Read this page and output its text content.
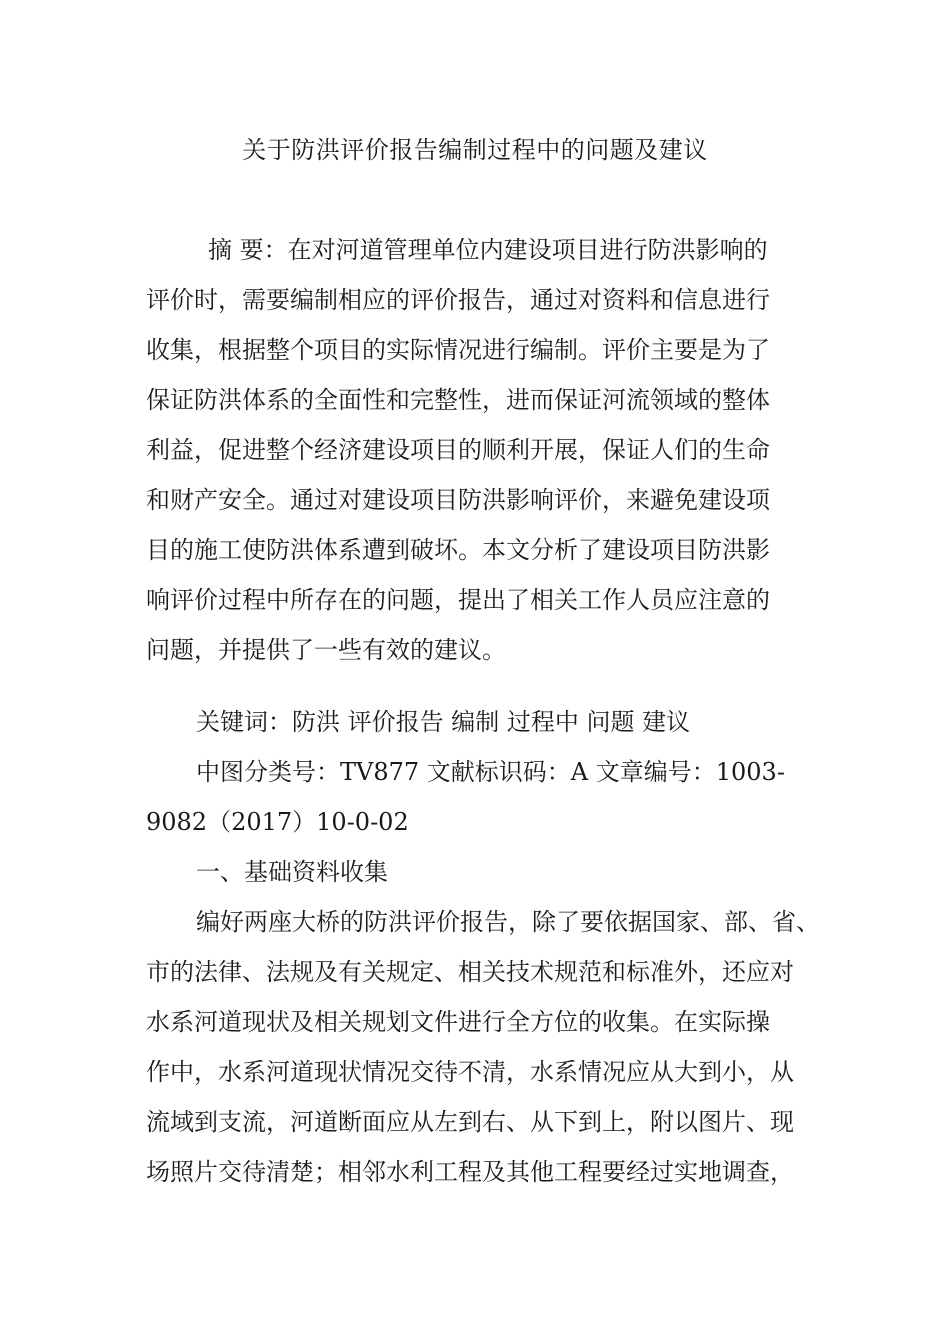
关于防洪评价报告编制过程中的问题及建议
摘 要：在对河道管理单位内建设项目进行防洪影响的
评价时，需要编制相应的评价报告，通过对资料和信息进行
收集，根据整个项目的实际情况进行编制。评价主要是为了
保证防洪体系的全面性和完整性，进而保证河流领域的整体
利益，促进整个经济建设项目的顺利开展，保证人们的生命
和财产安全。通过对建设项目防洪影响评价，来避免建设项
目的施工使防洪体系遭到破坏。本文分析了建设项目防洪影
响评价过程中所存在的问题，提出了相关工作人员应注意的
问题，并提供了一些有效的建议。
关键词：防洪 评价报告 编制 过程中 问题 建议
中图分类号：TV877 文献标识码：A 文章编号：1003-
9082（2017）10-0-02
一、基础资料收集
编好两座大桥的防洪评价报告，除了要依据国家、部、省、
市的法律、法规及有关规定、相关技术规范和标准外，还应对
水系河道现状及相关规划文件进行全方位的收集。在实际操
作中，水系河道现状情况交待不清，水系情况应从大到小，从
流域到支流，河道断面应从左到右、从下到上，附以图片、现
场照片交待清楚；相邻水利工程及其他工程要经过实地调查，
